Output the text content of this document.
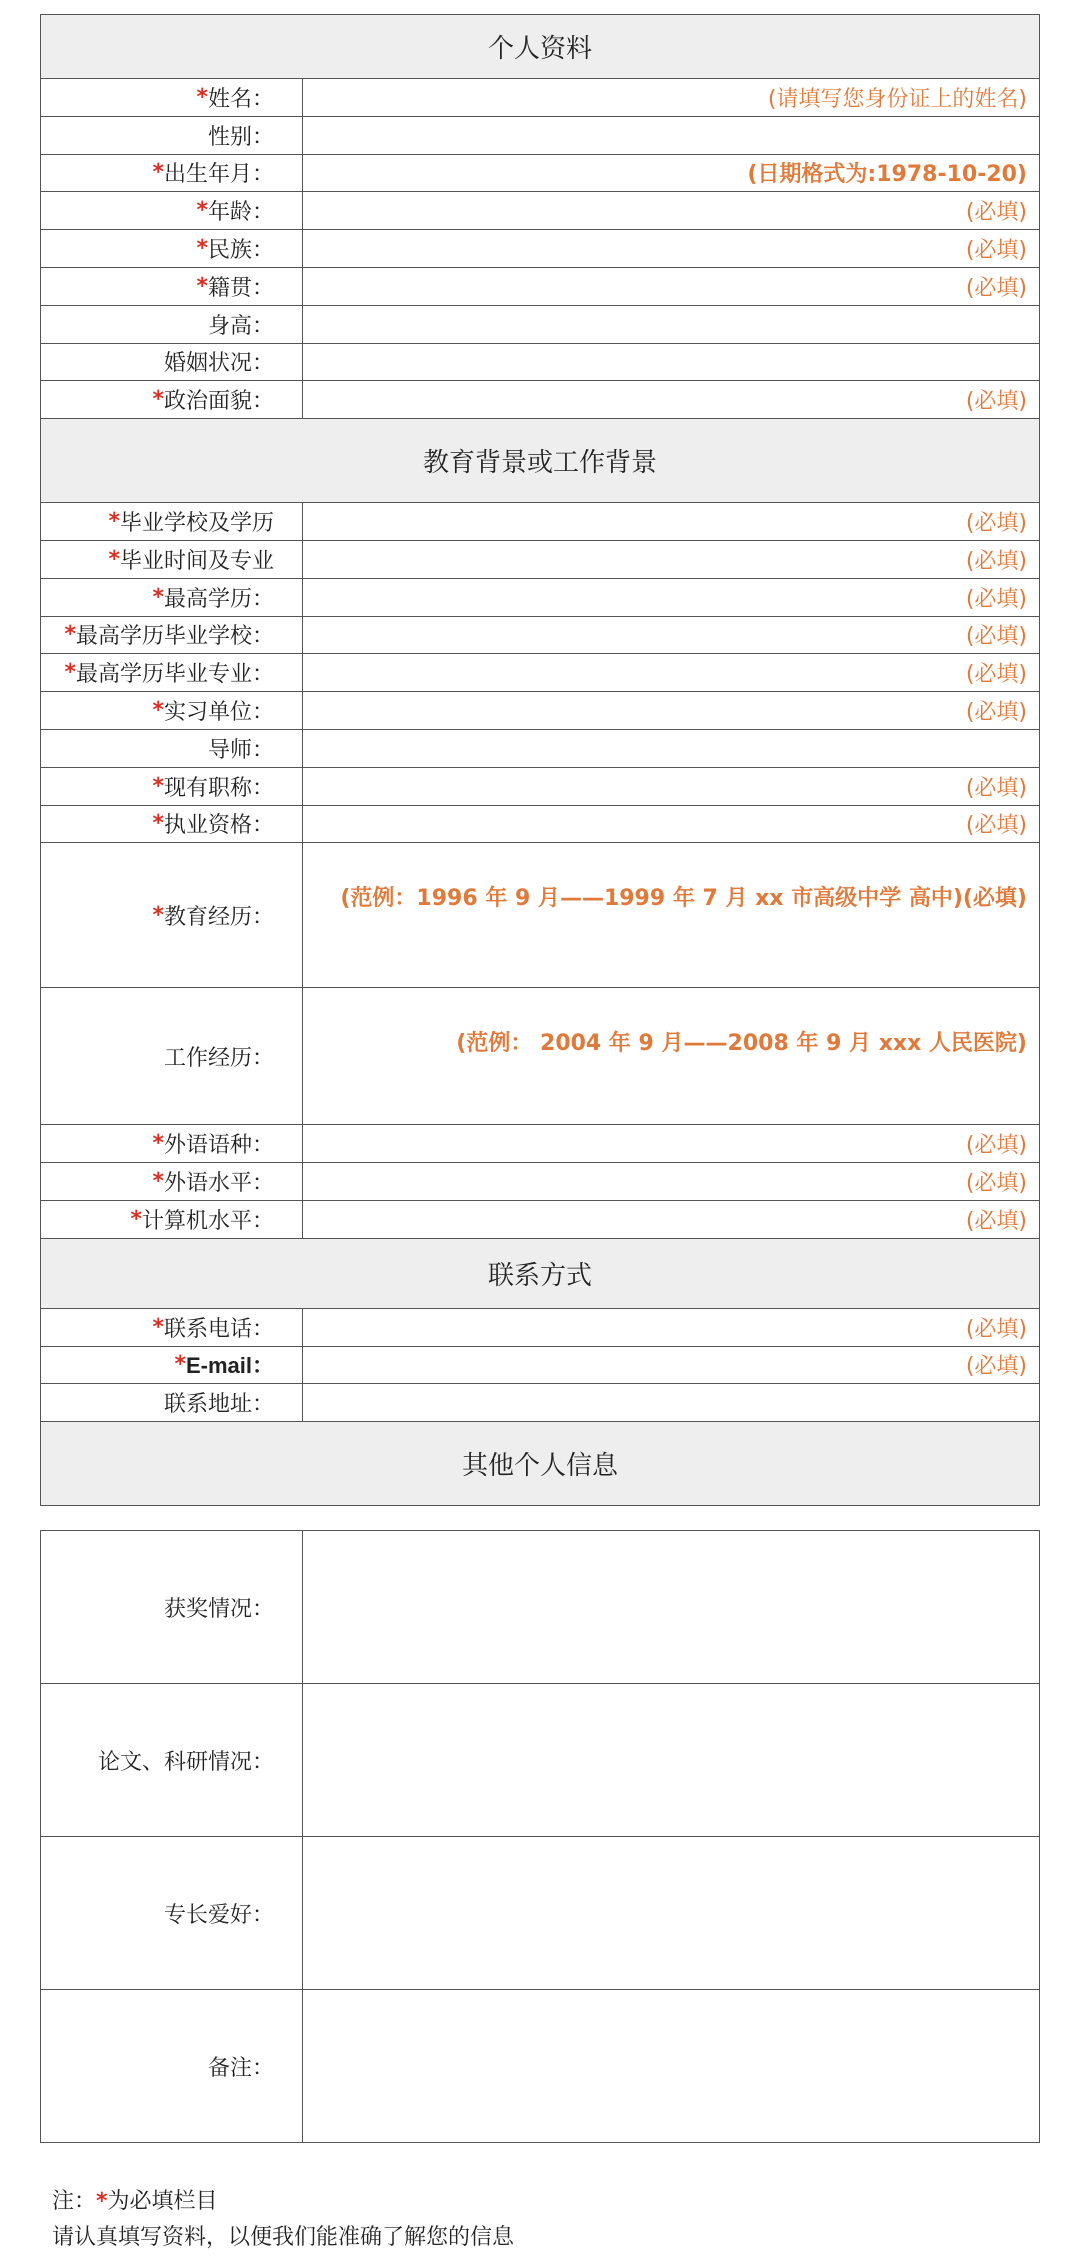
个人资料
* 姓名：	(请填写您身份证上的姓名)
性别：
* 出生年月：	(日期格式为:1978-10-20)
* 年龄：	(必填)
* 民族：	(必填)
* 籍贯：	(必填)
身高：
婚姻状况：
* 政治面貌：	(必填)
教育背景或工作背景
* 毕业学校及学历	(必填)
* 毕业时间及专业	(必填)
* 最高学历：	(必填)
* 最高学历毕业学校：	(必填)
* 最高学历毕业专业：	(必填)
* 实习单位：	(必填)
导师：
* 现有职称：	(必填)
* 执业资格：	(必填)
* 教育经历：
(范例：1996 年 9 月——1999 年 7 月 xx 市高级中学 高中)(必填)
工作经历：
(范例： 2004 年 9 月——2008 年 9 月 xxx 人民医院)
* 外语语种：	(必填)
* 外语水平：	(必填)
* 计算机水平：	(必填)
联系方式
* 联系电话：	(必填)
* E-mail：	(必填)
联系地址：
其他个人信息
获奖情况：
论文、科研情况：
专长爱好：
备注：
注：*为必填栏目
请认真填写资料，以便我们能准确了解您的信息
